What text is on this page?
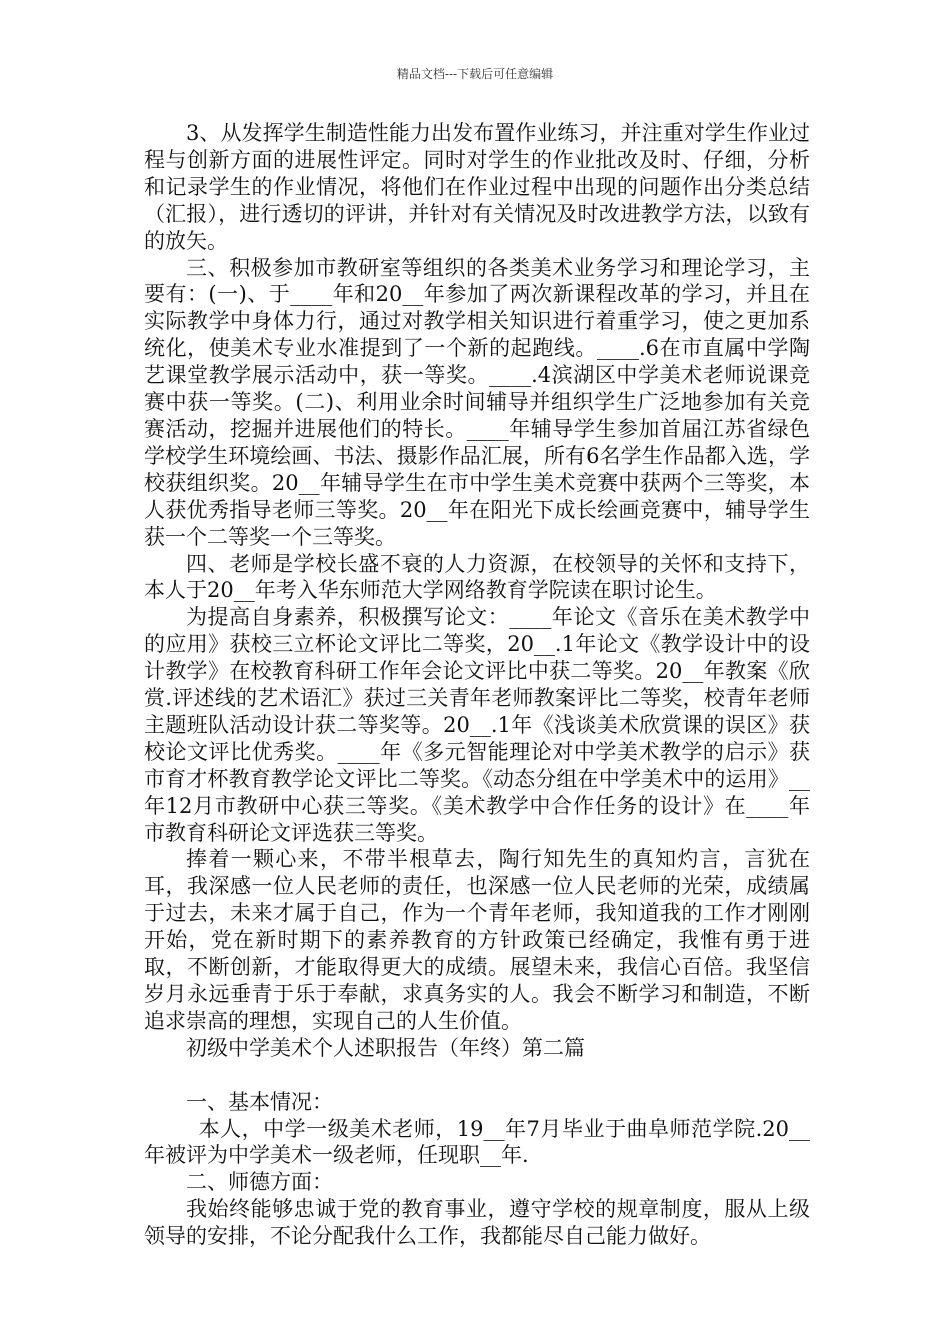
精品文档---下载后可任意编辑

3、从发挥学生制造性能力出发布置作业练习，并注重对学生作业过程与创新方面的进展性评定。同时对学生的作业批改及时、仔细，分析和记录学生的作业情况，将他们在作业过程中出现的问题作出分类总结（汇报），进行透切的评讲，并针对有关情况及时改进教学方法，以致有的放矢。

三、积极参加市教研室等组织的各类美术业务学习和理论学习，主要有：(一)、于____年和20__年参加了两次新课程改革的学习，并且在实际教学中身体力行，通过对教学相关知识进行着重学习，使之更加系统化，使美术专业水准提到了一个新的起跑线。____.6在市直属中学陶艺课堂教学展示活动中，获一等奖。____.4滨湖区中学美术老师说课竞赛中获一等奖。(二)、利用业余时间辅导并组织学生广泛地参加有关竞赛活动，挖掘并进展他们的特长。____年辅导学生参加首届江苏省绿色学校学生环境绘画、书法、摄影作品汇展，所有6名学生作品都入选，学校获组织奖。20__年辅导学生在市中学生美术竞赛中获两个三等奖，本人获优秀指导老师三等奖。20__年在阳光下成长绘画竞赛中，辅导学生获一个二等奖一个三等奖。

四、老师是学校长盛不衰的人力资源，在校领导的关怀和支持下，本人于20__年考入华东师范大学网络教育学院读在职讨论生。

为提高自身素养，积极撰写论文：____年论文《音乐在美术教学中的应用》获校三立杯论文评比二等奖，20__.1年论文《教学设计中的设计教学》在校教育科研工作年会论文评比中获二等奖。20__年教案《欣赏.评述线的艺术语汇》获过三关青年老师教案评比二等奖，校青年老师主题班队活动设计获二等奖等。20__.1年《浅谈美术欣赏课的误区》获校论文评比优秀奖。____年《多元智能理论对中学美术教学的启示》获市育才杯教育教学论文评比二等奖。《动态分组在中学美术中的运用》__年12月市教研中心获三等奖。《美术教学中合作任务的设计》在____年市教育科研论文评选获三等奖。

捧着一颗心来，不带半根草去，陶行知先生的真知灼言，言犹在耳，我深感一位人民老师的责任，也深感一位人民老师的光荣，成绩属于过去，未来才属于自己，作为一个青年老师，我知道我的工作才刚刚开始，党在新时期下的素养教育的方针政策已经确定，我惟有勇于进取，不断创新，才能取得更大的成绩。展望未来，我信心百倍。我坚信岁月永远垂青于乐于奉献，求真务实的人。我会不断学习和制造，不断追求崇高的理想，实现自己的人生价值。

初级中学美术个人述职报告（年终）第二篇

一、基本情况：

本人，中学一级美术老师，19__年7月毕业于曲阜师范学院.20__年被评为中学美术一级老师，任现职__年.

二、师德方面：

我始终能够忠诚于党的教育事业，遵守学校的规章制度，服从上级领导的安排，不论分配我什么工作，我都能尽自己能力做好。
